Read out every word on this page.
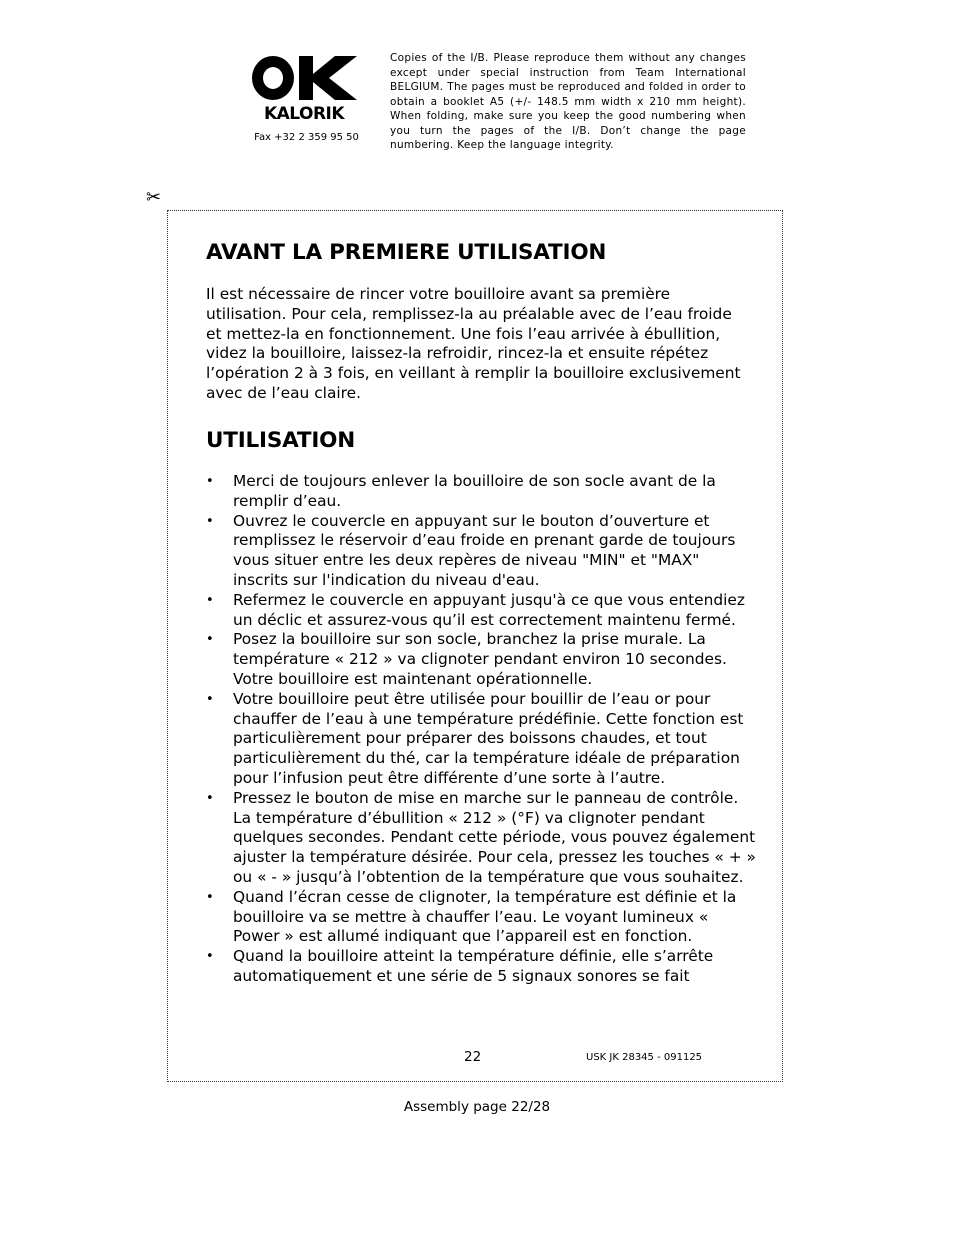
KALORIK
Fax +32 2 359 95 50
Copies of the I/B. Please reproduce them without any changes except under special instruction from Team International BELGIUM. The pages must be reproduced and folded in order to obtain a booklet A5 (+/- 148.5 mm width x 210 mm height). When folding, make sure you keep the good numbering when you turn the pages of the I/B. Don’t change the page numbering. Keep the language integrity.
✂
AVANT LA PREMIERE UTILISATION

Il est nécessaire de rincer votre bouilloire avant sa première utilisation. Pour cela, remplissez-la au préalable avec de l’eau froide et mettez-la en fonctionnement. Une fois l’eau arrivée à ébullition, videz la bouilloire, laissez-la refroidir, rincez-la et ensuite répétez l’opération 2 à 3 fois, en veillant à remplir la bouilloire exclusivement avec de l’eau claire.

UTILISATION
• Merci de toujours enlever la bouilloire de son socle avant de la remplir d’eau.
• Ouvrez le couvercle en appuyant sur le bouton d’ouverture et remplissez le réservoir d’eau froide en prenant garde de toujours vous situer entre les deux repères de niveau "MIN" et "MAX" inscrits sur l'indication du niveau d'eau.
• Refermez le couvercle en appuyant jusqu'à ce que vous entendiez un déclic et assurez-vous qu’il est correctement maintenu fermé.
• Posez la bouilloire sur son socle, branchez la prise murale. La température « 212 » va clignoter pendant environ 10 secondes. Votre bouilloire est maintenant opérationnelle.
• Votre bouilloire peut être utilisée pour bouillir de l’eau or pour chauffer de l’eau à une température prédéfinie. Cette fonction est particulièrement pour préparer des boissons chaudes, et tout particulièrement du thé, car la température idéale de préparation pour l’infusion peut être différente d’une sorte à l’autre.
• Pressez le bouton de mise en marche sur le panneau de contrôle. La température d’ébullition « 212 » (°F) va clignoter pendant quelques secondes. Pendant cette période, vous pouvez également ajuster la température désirée. Pour cela, pressez les touches « + » ou « - » jusqu’à l’obtention de la température que vous souhaitez.
• Quand l’écran cesse de clignoter, la température est définie et la bouilloire va se mettre à chauffer l’eau. Le voyant lumineux « Power » est allumé indiquant que l’appareil est en fonction.
• Quand la bouilloire atteint la température définie, elle s’arrête automatiquement et une série de 5 signaux sonores se fait
22	USK JK 28345 - 091125
Assembly page 22/28
